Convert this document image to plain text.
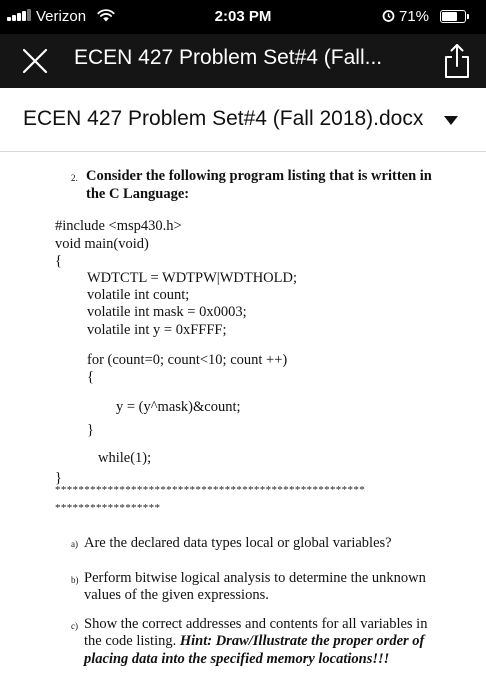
Verizon	2:03 PM	71%
ECEN 427 Problem Set#4 (Fall...
ECEN 427 Problem Set#4 (Fall 2018).docx
2. Consider the following program listing that is written in
the C Language:
#include <msp430.h>
void main(void)
{
WDTCTL = WDTPW|WDTHOLD;
volatile int count;
volatile int mask = 0x0003;
volatile int y = 0xFFFF;
for (count=0; count<10; count ++)
{
y = (y^mask)&count;
}
while(1);
}
*****************************************************
******************
a) Are the declared data types local or global variables?
b) Perform bitwise logical analysis to determine the unknown
values of the given expressions.
c) Show the correct addresses and contents for all variables in
the code listing. Hint: Draw/Illustrate the proper order of
placing data into the specified memory locations!!!
